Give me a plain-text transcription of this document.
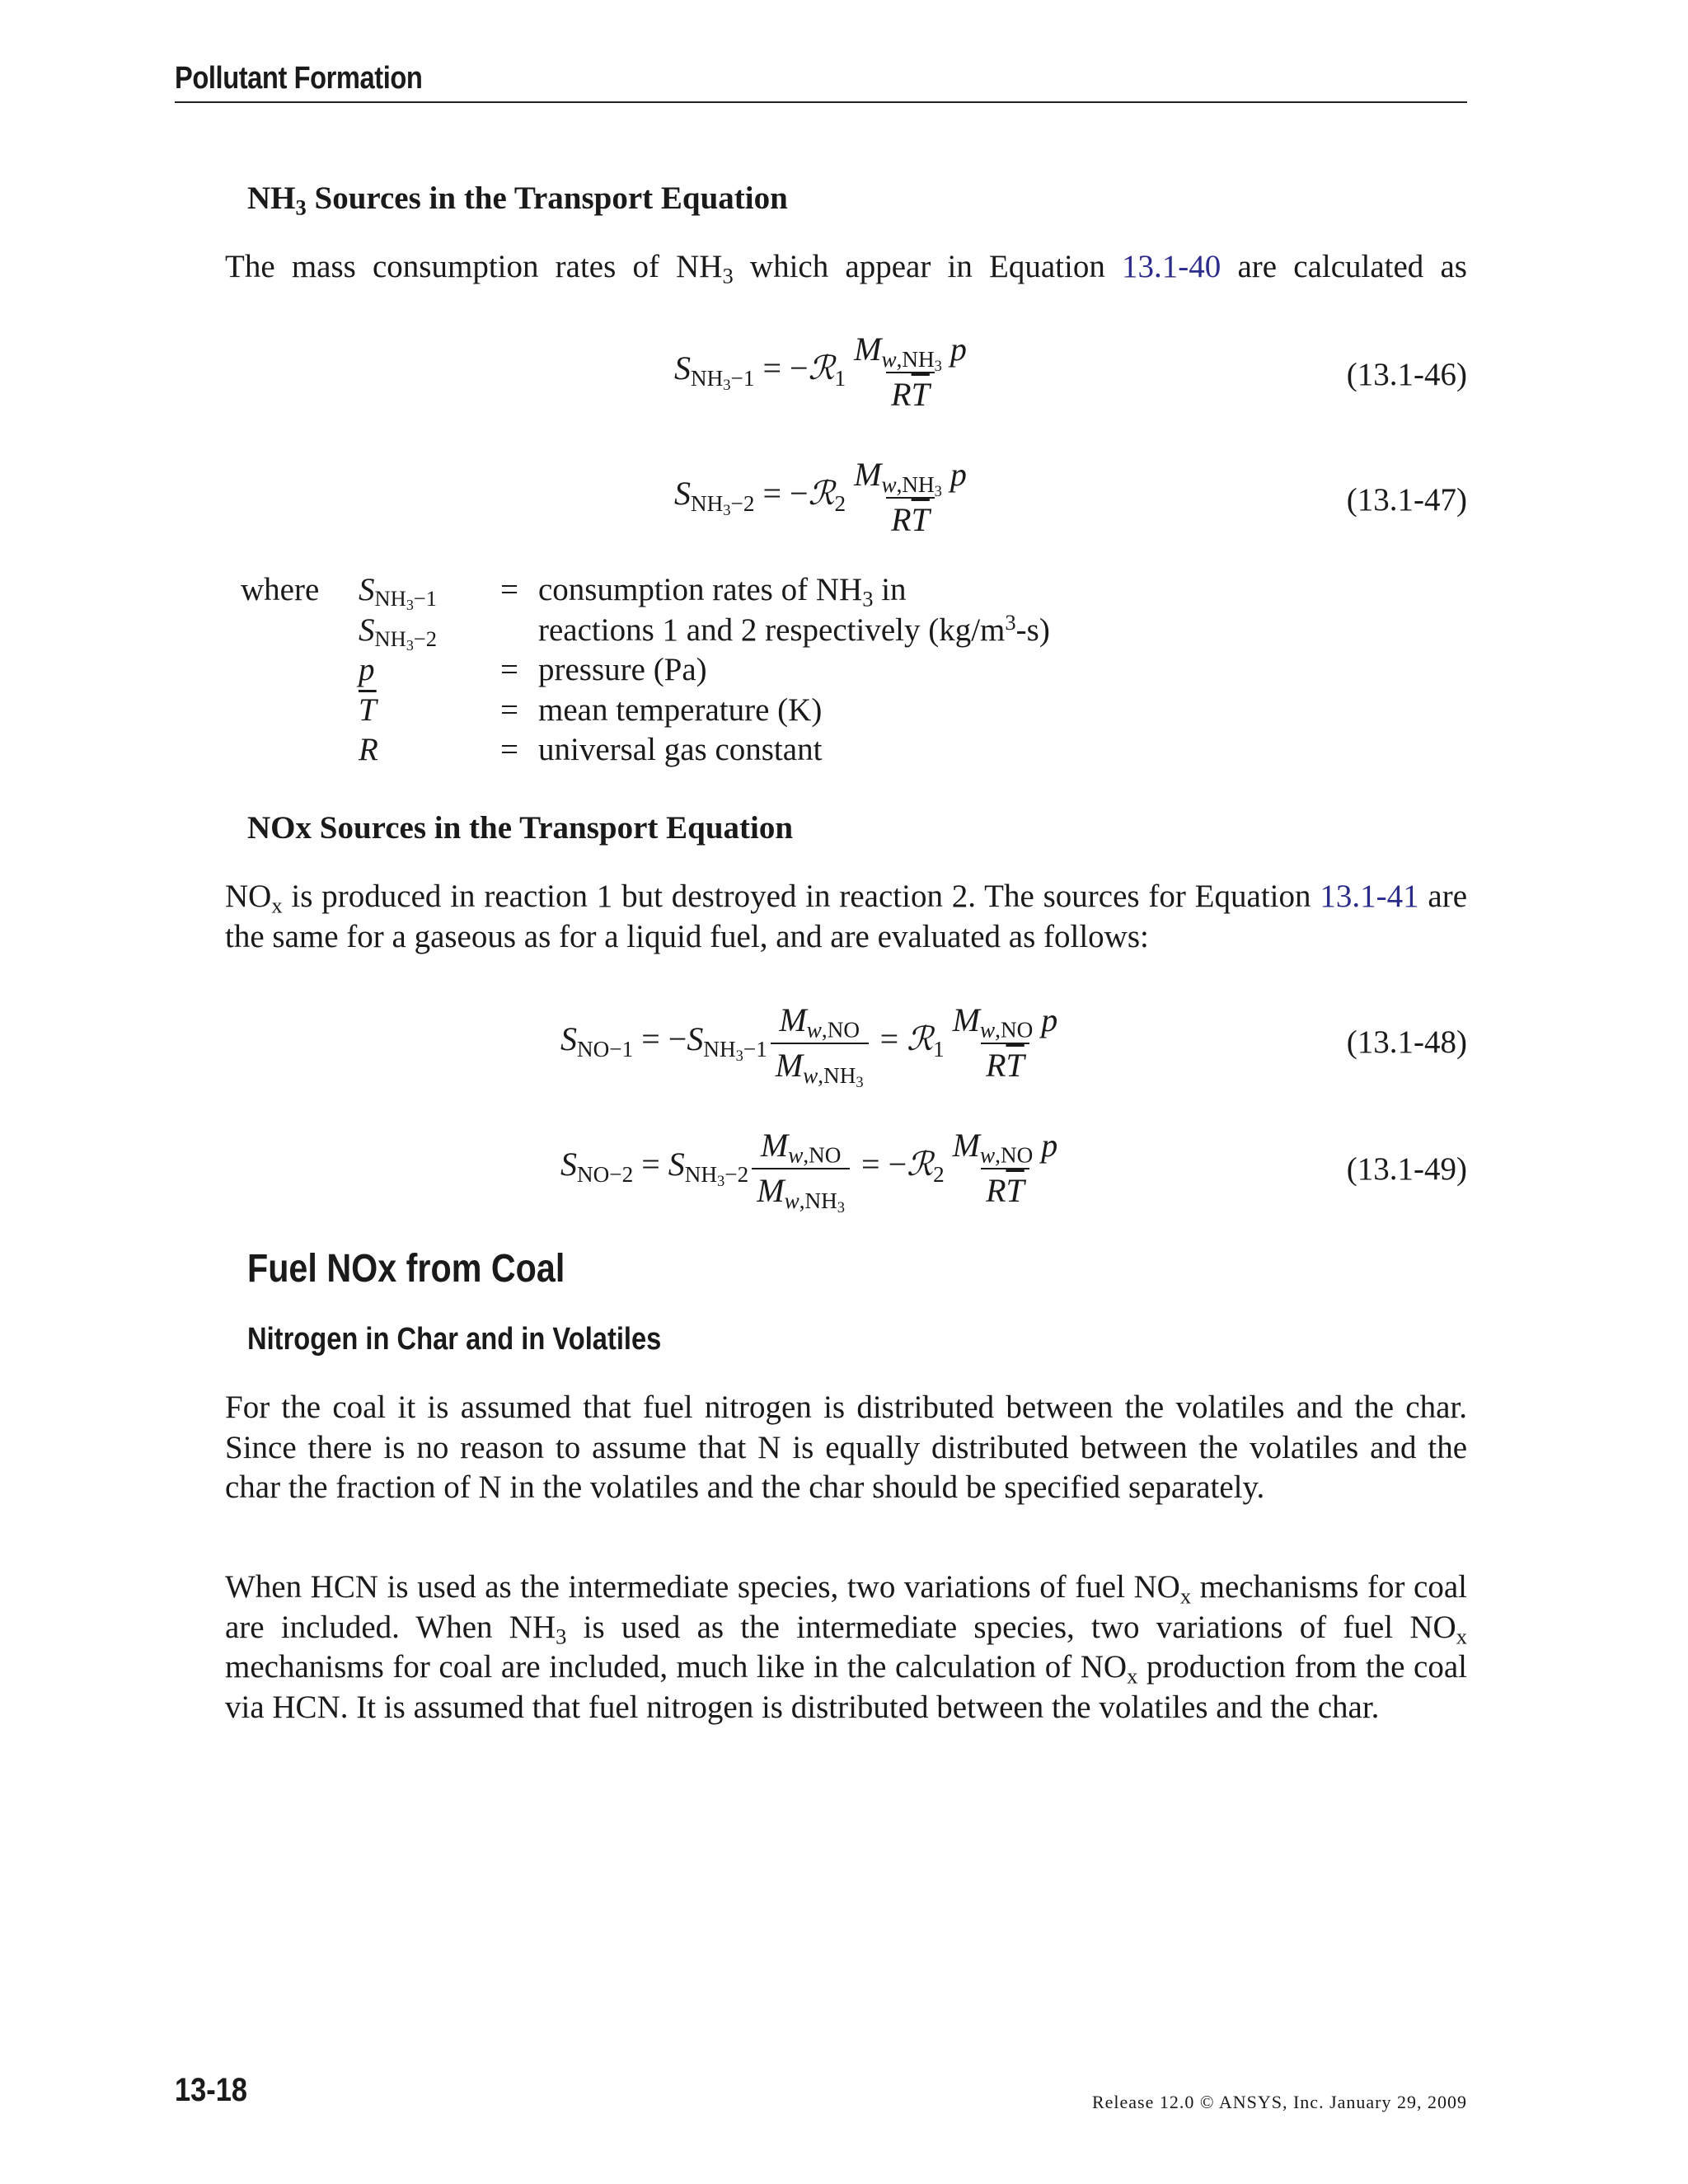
Pollutant Formation
$NH_3$ Sources in the Transport Equation
The mass consumption rates of $NH_3$ which appear in Equation 13.1-40 are calculated as
$S_{NH_3-1}$ = −ℛ$_1$ $\frac{M_{w,NH_3} p}{R\overline{T}}$	(13.1-46)
$S_{NH_3-2}$ = −ℛ$_2$ $\frac{M_{w,NH_3} p}{R\overline{T}}$	(13.1-47)
where	$S_{NH_3-1}$	=	consumption rates of $NH_3$ in
	$S_{NH_3-2}$		reactions 1 and 2 respectively $(kg/m^3-s)$
	p	=	pressure (Pa)
	$\overline{T}$	=	mean temperature (K)
	R	=	universal gas constant
NOx Sources in the Transport Equation
$NO_x$ is produced in reaction 1 but destroyed in reaction 2. The sources for Equation 13.1-41 are the same for a gaseous as for a liquid fuel, and are evaluated as follows:
$S_{NO-1} = -S_{NH_3-1} \frac{M_{w,NO}}{M_{w,NH_3}}$ = ℛ$_1$ $\frac{M_{w,NO} p}{R\overline{T}}$	(13.1-48)
$S_{NO-2} = S_{NH_3-2} \frac{M_{w,NO}}{M_{w,NH_3}}$ = −ℛ$_2$ $\frac{M_{w,NO} p}{R\overline{T}}$	(13.1-49)
Fuel NOx from Coal
Nitrogen in Char and in Volatiles
For the coal it is assumed that fuel nitrogen is distributed between the volatiles and the char. Since there is no reason to assume that N is equally distributed between the volatiles and the char the fraction of N in the volatiles and the char should be specified separately.
When HCN is used as the intermediate species, two variations of fuel $NO_x$ mechanisms for coal are included. When $NH_3$ is used as the intermediate species, two variations of fuel $NO_x$ mechanisms for coal are included, much like in the calculation of $NO_x$ production from the coal via HCN. It is assumed that fuel nitrogen is distributed between the volatiles and the char.
13-18	Release 12.0 © ANSYS, Inc. January 29, 2009
